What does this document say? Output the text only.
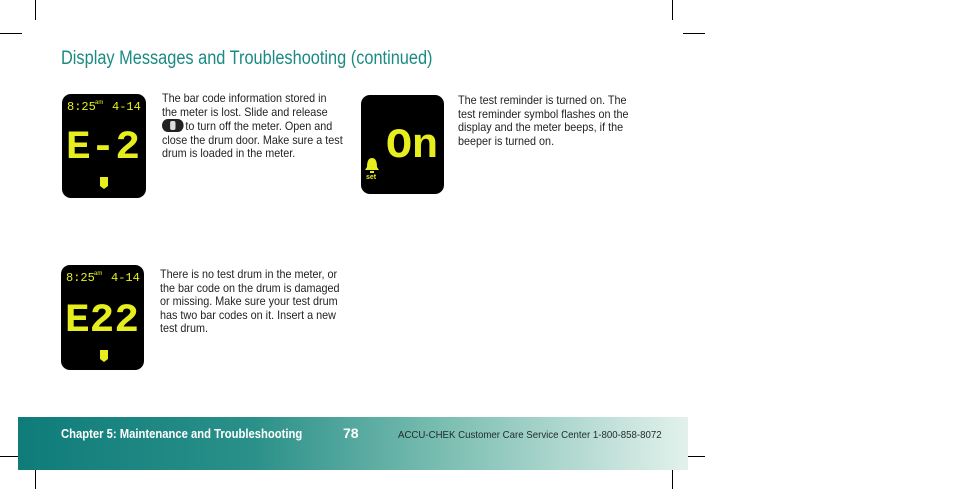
Display Messages and Troubleshooting (continued)
8:25 am 4-14
E-2
The bar code information stored in
the meter is lost. Slide and release
to turn off the meter. Open and
close the drum door. Make sure a test
drum is loaded in the meter.	On
set
The test reminder is turned on. The
test reminder symbol flashes on the
display and the meter beeps, if the
beeper is turned on.
8:25 am 4-14
E22
There is no test drum in the meter, or
the bar code on the drum is damaged
or missing. Make sure your test drum
has two bar codes on it. Insert a new
test drum.
Chapter 5: Maintenance and Troubleshooting	78	ACCU-CHEK Customer Care Service Center 1-800-858-8072
